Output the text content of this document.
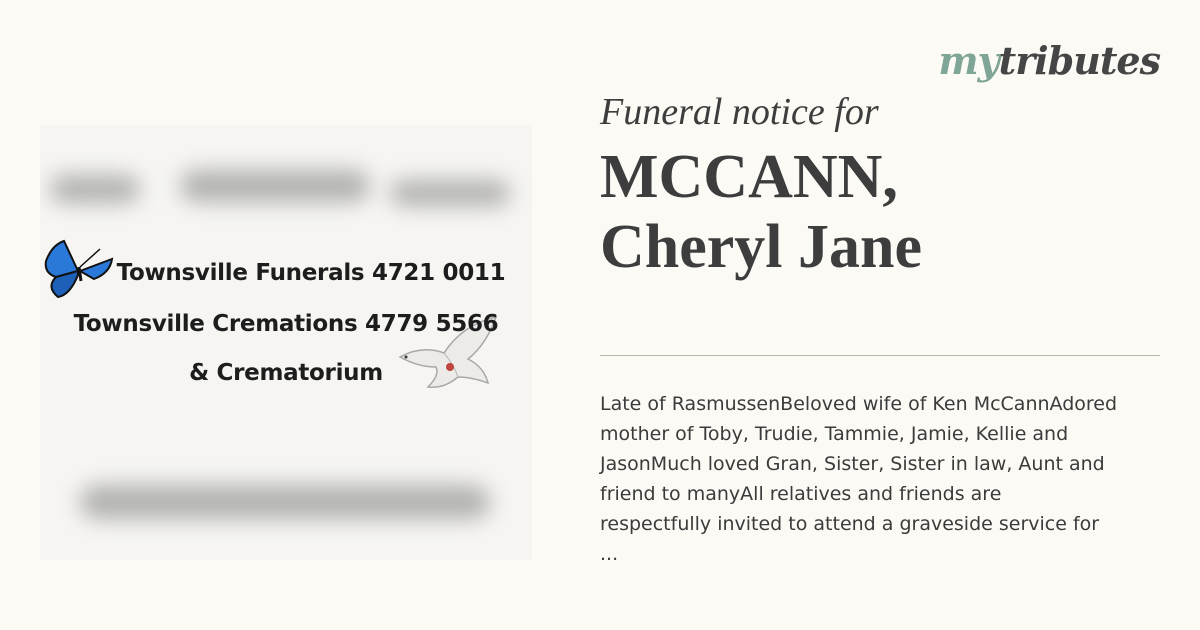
Townsville Funerals 4721 0011
Townsville Cremations 4779 5566
& Crematorium
mytributes
Funeral notice for
MCCANN,
Cheryl Jane
Late of RasmussenBeloved wife of Ken McCannAdored
mother of Toby, Trudie, Tammie, Jamie, Kellie and
JasonMuch loved Gran, Sister, Sister in law, Aunt and
friend to manyAll relatives and friends are
respectfully invited to attend a graveside service for
...
